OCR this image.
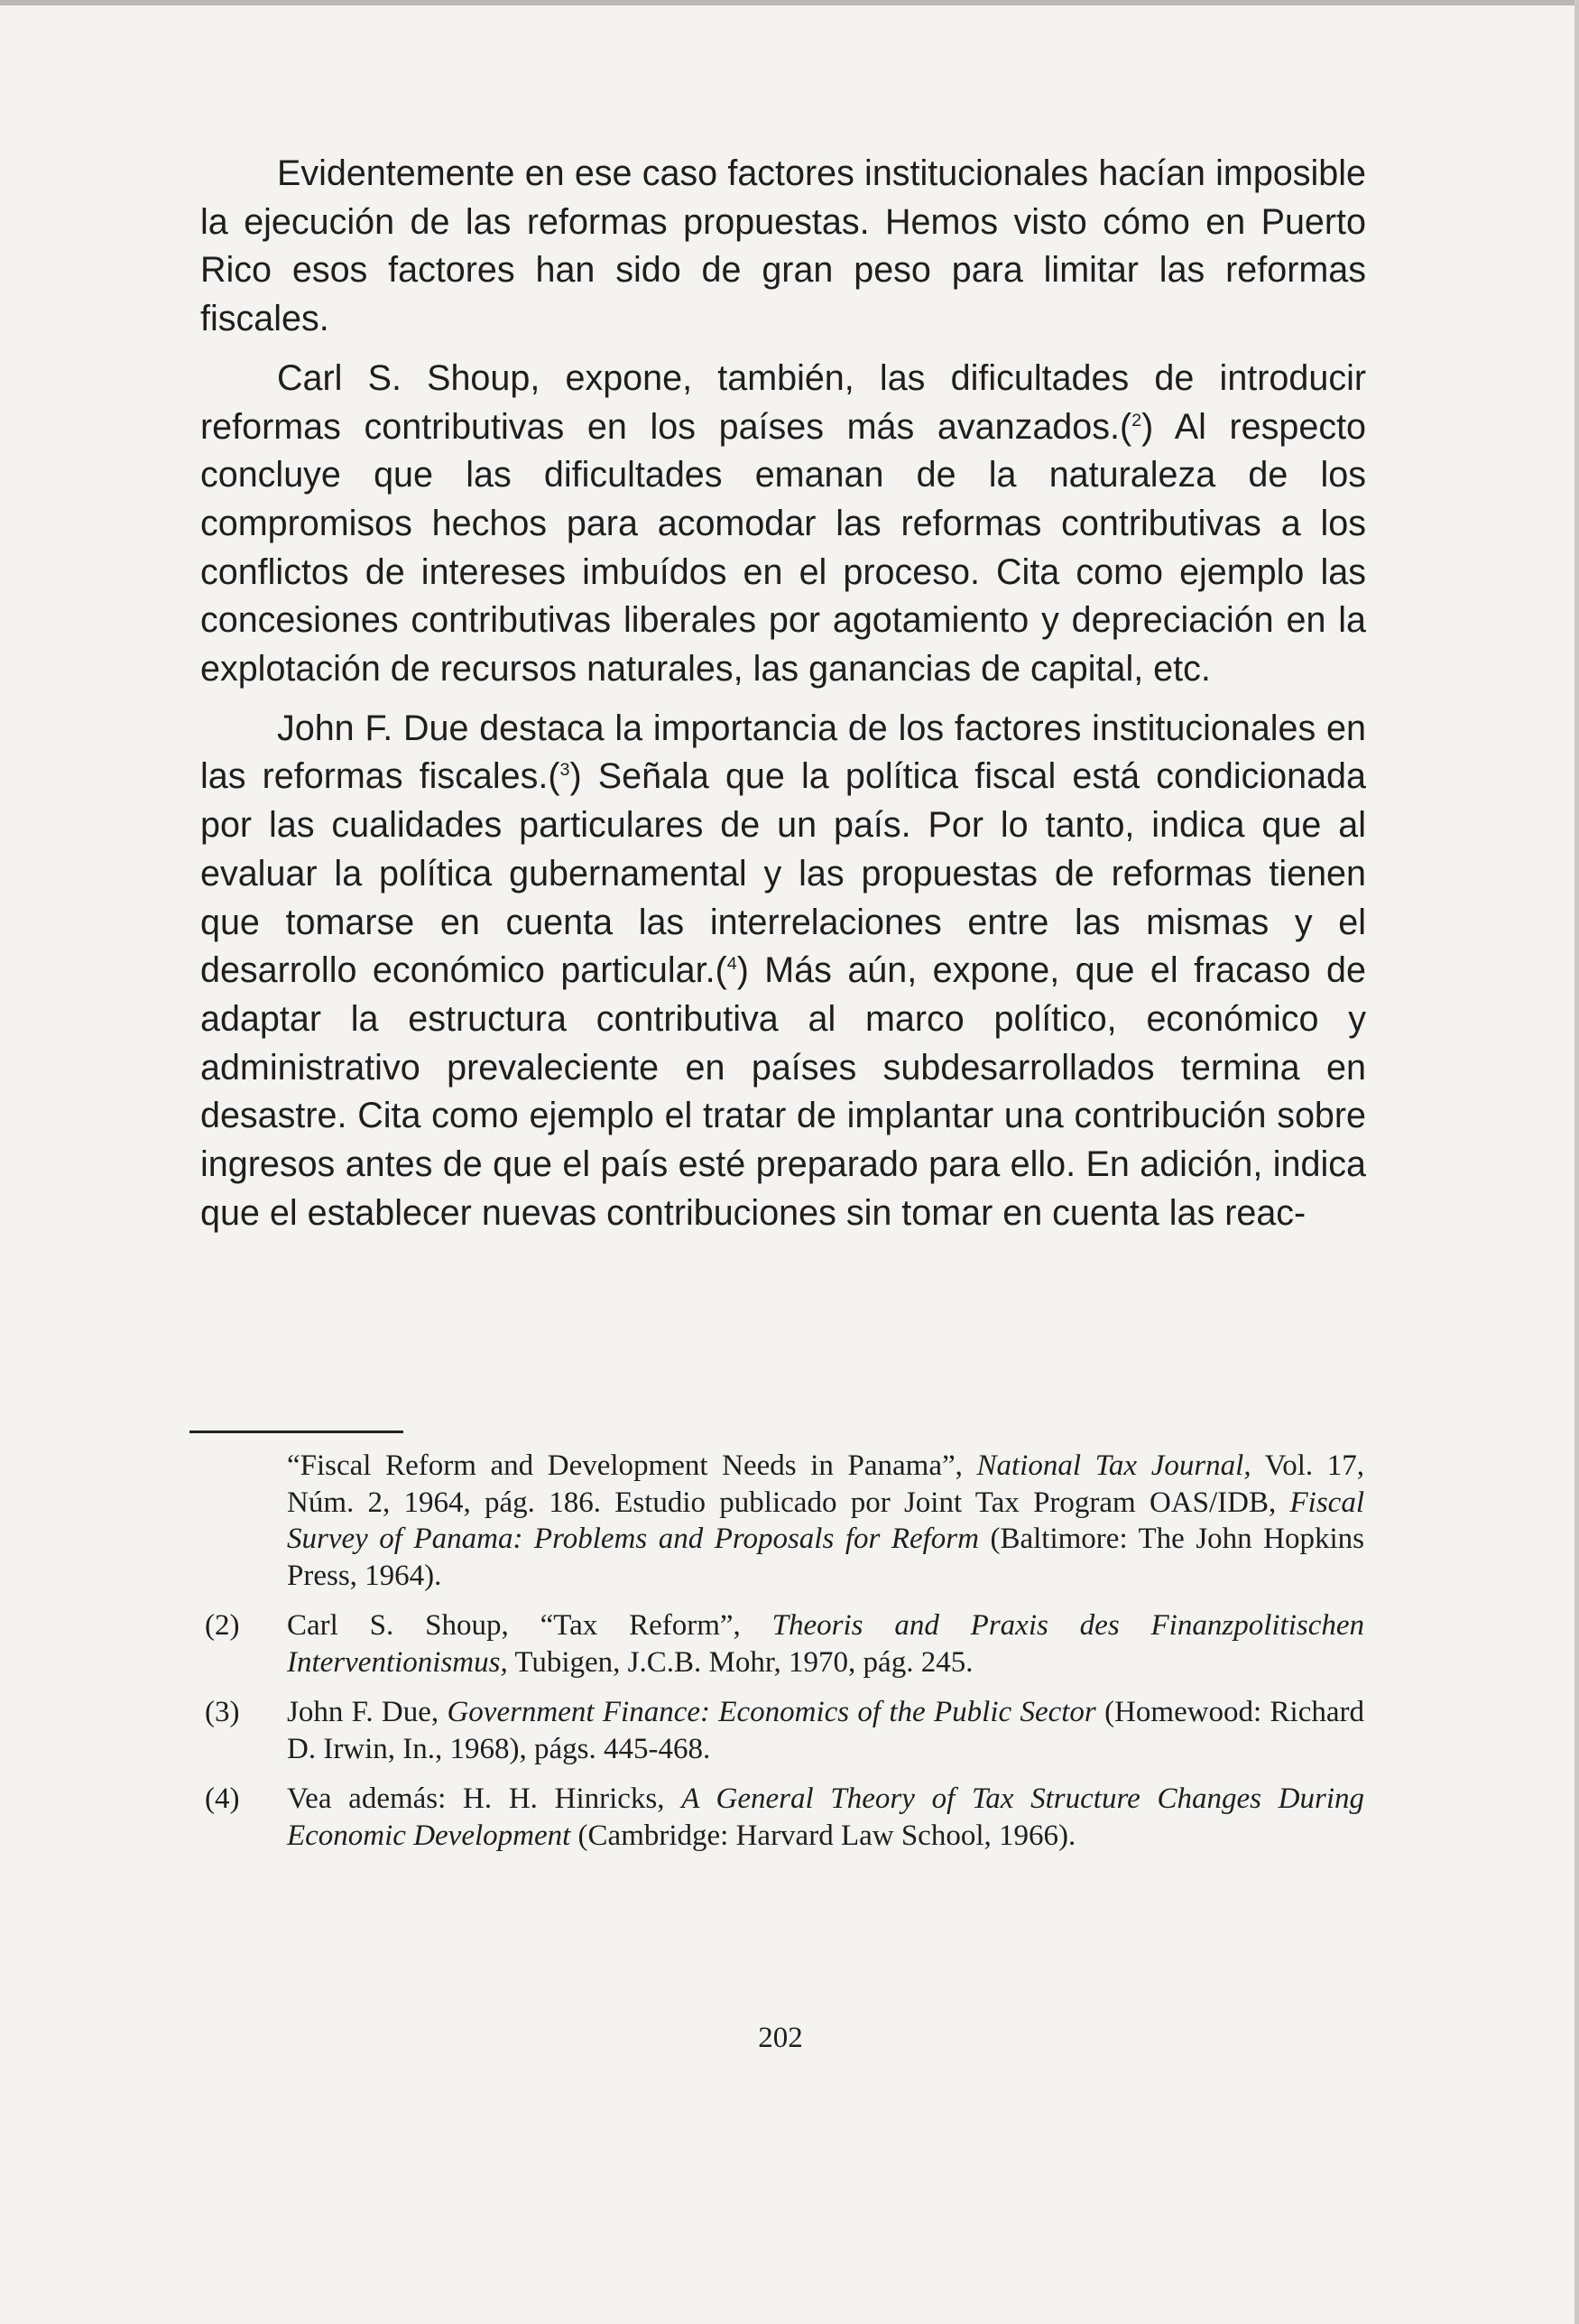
Evidentemente en ese caso factores institucionales hacían imposible la ejecución de las reformas propuestas. Hemos visto cómo en Puerto Rico esos factores han sido de gran peso para limitar las reformas fiscales.

Carl S. Shoup, expone, también, las dificultades de introducir reformas contributivas en los países más avanzados.($^2$) Al respecto concluye que las dificultades emanan de la naturaleza de los compromisos hechos para acomodar las reformas contributivas a los conflictos de intereses imbuídos en el proceso. Cita como ejemplo las concesiones contributivas liberales por agotamiento y depreciación en la explotación de recursos naturales, las ganancias de capital, etc.

John F. Due destaca la importancia de los factores institucionales en las reformas fiscales.($^3$) Señala que la política fiscal está condicionada por las cualidades particulares de un país. Por lo tanto, indica que al evaluar la política gubernamental y las propuestas de reformas tienen que tomarse en cuenta las interrelaciones entre las mismas y el desarrollo económico particular.($^4$) Más aún, expone, que el fracaso de adaptar la estructura contributiva al marco político, económico y administrativo prevaleciente en países subdesarrollados termina en desastre. Cita como ejemplo el tratar de implantar una contribución sobre ingresos antes de que el país esté preparado para ello. En adición, indica que el establecer nuevas contribuciones sin tomar en cuenta las reac-

“Fiscal Reform and Development Needs in Panama”, National Tax Journal, Vol. 17, Núm. 2, 1964, pág. 186. Estudio publicado por Joint Tax Program OAS/IDB, Fiscal Survey of Panama: Problems and Proposals for Reform (Baltimore: The John Hopkins Press, 1964).
(2)	Carl S. Shoup, “Tax Reform”, Theoris and Praxis des Finanzpolitischen Interventionismus, Tubigen, J.C.B. Mohr, 1970, pág. 245.
(3)	John F. Due, Government Finance: Economics of the Public Sector (Homewood: Richard D. Irwin, In., 1968), págs. 445-468.
(4)	Vea además: H. H. Hinricks, A General Theory of Tax Structure Changes During Economic Development (Cambridge: Harvard Law School, 1966).
202
